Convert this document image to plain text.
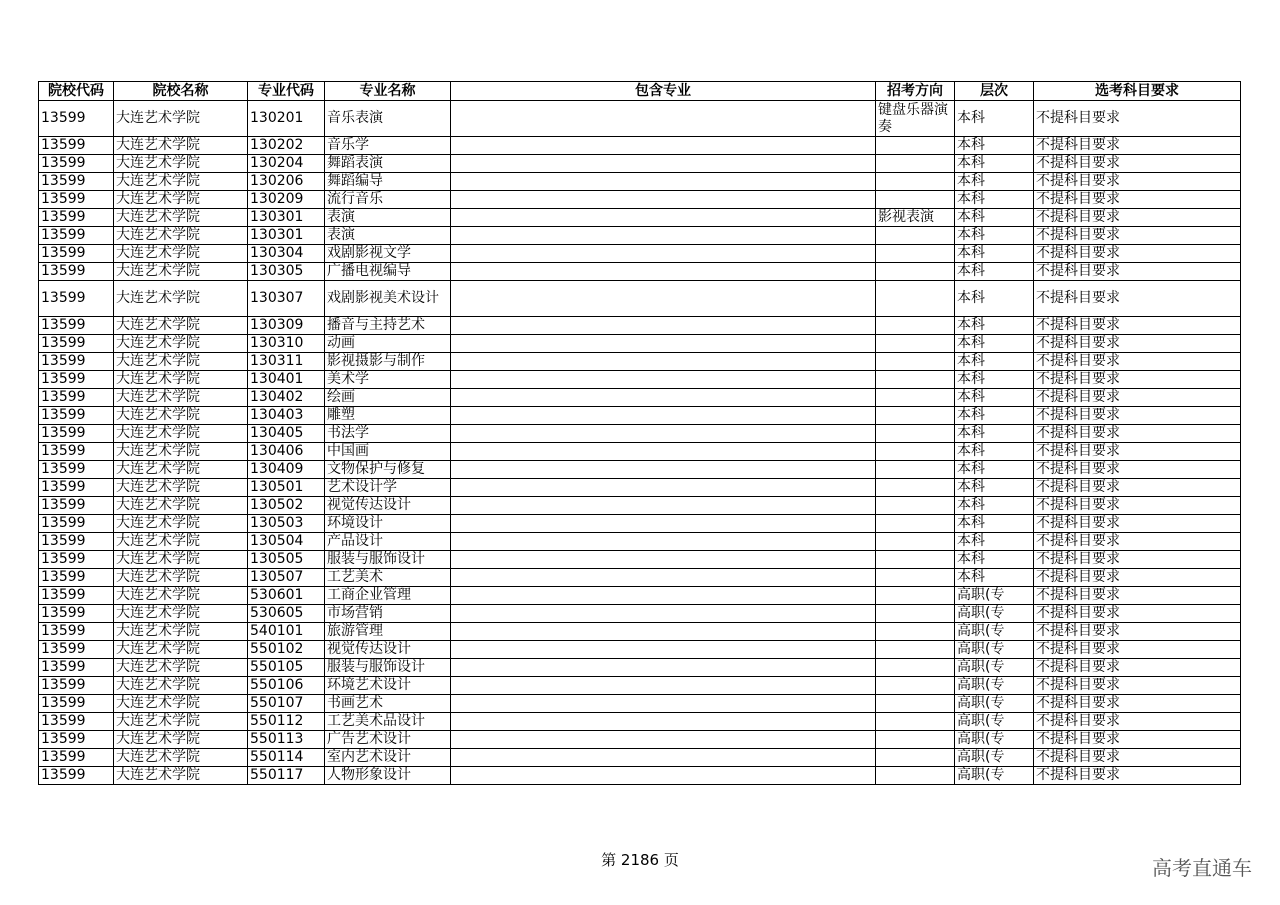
院校代码	院校名称	专业代码	专业名称	包含专业	招考方向	层次	选考科目要求
13599	大连艺术学院	130201	音乐表演		键盘乐器演奏	本科	不提科目要求
13599	大连艺术学院	130202	音乐学			本科	不提科目要求
13599	大连艺术学院	130204	舞蹈表演			本科	不提科目要求
13599	大连艺术学院	130206	舞蹈编导			本科	不提科目要求
13599	大连艺术学院	130209	流行音乐			本科	不提科目要求
13599	大连艺术学院	130301	表演		影视表演	本科	不提科目要求
13599	大连艺术学院	130301	表演			本科	不提科目要求
13599	大连艺术学院	130304	戏剧影视文学			本科	不提科目要求
13599	大连艺术学院	130305	广播电视编导			本科	不提科目要求
13599	大连艺术学院	130307	戏剧影视美术设计			本科	不提科目要求
13599	大连艺术学院	130309	播音与主持艺术			本科	不提科目要求
13599	大连艺术学院	130310	动画			本科	不提科目要求
13599	大连艺术学院	130311	影视摄影与制作			本科	不提科目要求
13599	大连艺术学院	130401	美术学			本科	不提科目要求
13599	大连艺术学院	130402	绘画			本科	不提科目要求
13599	大连艺术学院	130403	雕塑			本科	不提科目要求
13599	大连艺术学院	130405	书法学			本科	不提科目要求
13599	大连艺术学院	130406	中国画			本科	不提科目要求
13599	大连艺术学院	130409	文物保护与修复			本科	不提科目要求
13599	大连艺术学院	130501	艺术设计学			本科	不提科目要求
13599	大连艺术学院	130502	视觉传达设计			本科	不提科目要求
13599	大连艺术学院	130503	环境设计			本科	不提科目要求
13599	大连艺术学院	130504	产品设计			本科	不提科目要求
13599	大连艺术学院	130505	服装与服饰设计			本科	不提科目要求
13599	大连艺术学院	130507	工艺美术			本科	不提科目要求
13599	大连艺术学院	530601	工商企业管理			高职(专	不提科目要求
13599	大连艺术学院	530605	市场营销			高职(专	不提科目要求
13599	大连艺术学院	540101	旅游管理			高职(专	不提科目要求
13599	大连艺术学院	550102	视觉传达设计			高职(专	不提科目要求
13599	大连艺术学院	550105	服装与服饰设计			高职(专	不提科目要求
13599	大连艺术学院	550106	环境艺术设计			高职(专	不提科目要求
13599	大连艺术学院	550107	书画艺术			高职(专	不提科目要求
13599	大连艺术学院	550112	工艺美术品设计			高职(专	不提科目要求
13599	大连艺术学院	550113	广告艺术设计			高职(专	不提科目要求
13599	大连艺术学院	550114	室内艺术设计			高职(专	不提科目要求
13599	大连艺术学院	550117	人物形象设计			高职(专	不提科目要求
第 2186 页	高考直通车
